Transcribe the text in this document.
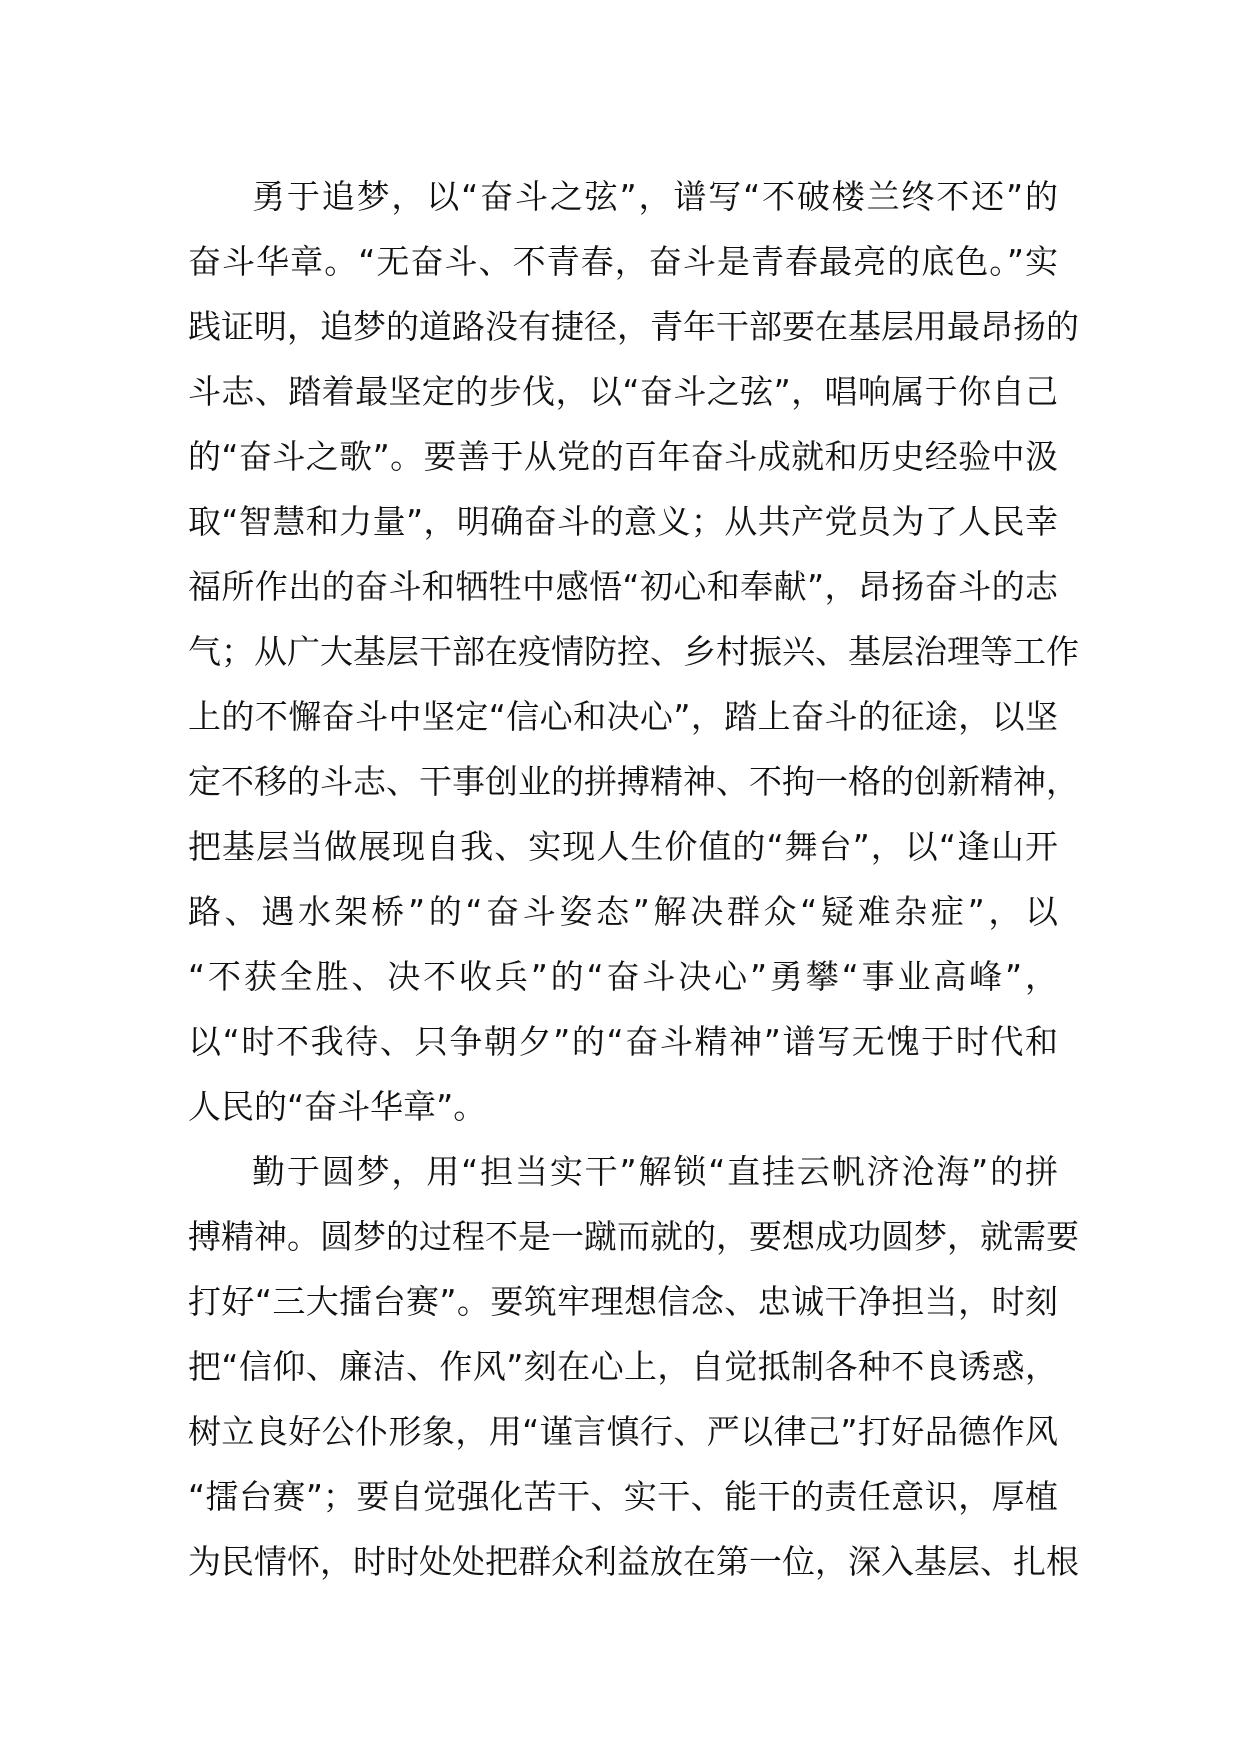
勇于追梦，以“奋斗之弦”，谱写“不破楼兰终不还”的
奋斗华章。“无奋斗、不青春，奋斗是青春最亮的底色。”实
践证明，追梦的道路没有捷径，青年干部要在基层用最昂扬的
斗志、踏着最坚定的步伐，以“奋斗之弦”，唱响属于你自己
的“奋斗之歌”。要善于从党的百年奋斗成就和历史经验中汲
取“智慧和力量”，明确奋斗的意义；从共产党员为了人民幸
福所作出的奋斗和牺牲中感悟“初心和奉献”，昂扬奋斗的志
气；从广大基层干部在疫情防控、乡村振兴、基层治理等工作
上的不懈奋斗中坚定“信心和决心”，踏上奋斗的征途，以坚
定不移的斗志、干事创业的拼搏精神、不拘一格的创新精神，
把基层当做展现自我、实现人生价值的“舞台”，以“逢山开
路、遇水架桥”的“奋斗姿态”解决群众“疑难杂症”，以
“不获全胜、决不收兵”的“奋斗决心”勇攀“事业高峰”，
以“时不我待、只争朝夕”的“奋斗精神”谱写无愧于时代和
人民的“奋斗华章”。
勤于圆梦，用“担当实干”解锁“直挂云帆济沧海”的拼
搏精神。圆梦的过程不是一蹴而就的，要想成功圆梦，就需要
打好“三大擂台赛”。要筑牢理想信念、忠诚干净担当，时刻
把“信仰、廉洁、作风”刻在心上，自觉抵制各种不良诱惑，
树立良好公仆形象，用“谨言慎行、严以律己”打好品德作风
“擂台赛”；要自觉强化苦干、实干、能干的责任意识，厚植
为民情怀，时时处处把群众利益放在第一位，深入基层、扎根
